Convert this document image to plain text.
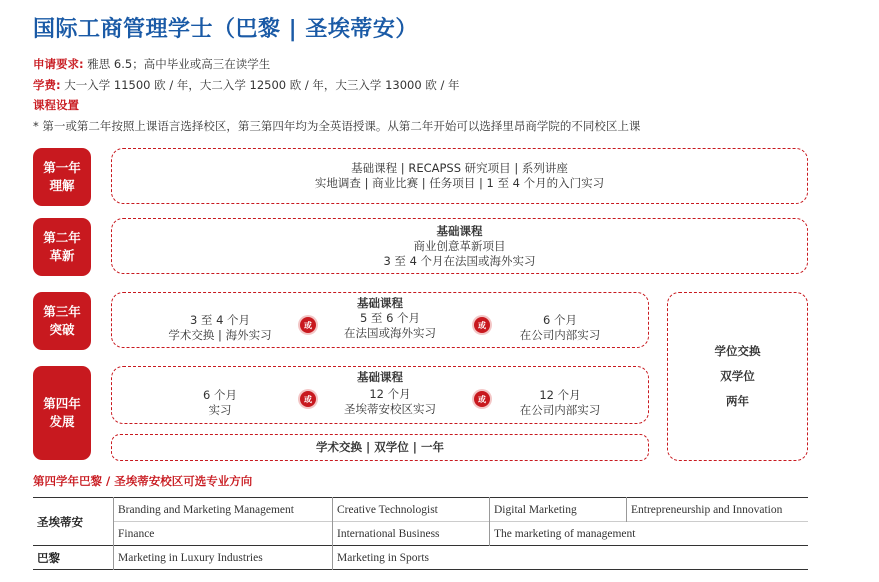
国际工商管理学士（巴黎 | 圣埃蒂安）
申请要求: 雅思 6.5；高中毕业或高三在读学生
学费: 大一入学 11500 欧 / 年，大二入学 12500 欧 / 年，大三入学 13000 欧 / 年
课程设置
* 第一或第二年按照上课语言选择校区，第三第四年均为全英语授课。从第二年开始可以选择里昂商学院的不同校区上课
第一年
理解
基础课程 | RECAPSS 研究项目 | 系列讲座
实地调查 | 商业比赛 | 任务项目 | 1 至 4 个月的入门实习
第二年
革新
基础课程
商业创意革新项目
3 至 4 个月在法国或海外实习
第三年
突破
基础课程
3 至 4 个月
学术交换 | 海外实习
或	5 至 6 个月
在法国或海外实习
或	6 个月
在公司内部实习
第四年
发展
基础课程
6 个月
实习
或	12 个月
圣埃蒂安校区实习
或	12 个月
在公司内部实习
学术交换 | 双学位 | 一年
学位交换
双学位
两年
第四学年巴黎 / 圣埃蒂安校区可选专业方向
圣埃蒂安	Branding and Marketing Management	Creative Technologist	Digital Marketing	Entrepreneurship and Innovation
	Finance	International Business	The marketing of management	
巴黎	Marketing in Luxury Industries	Marketing in Sports		
